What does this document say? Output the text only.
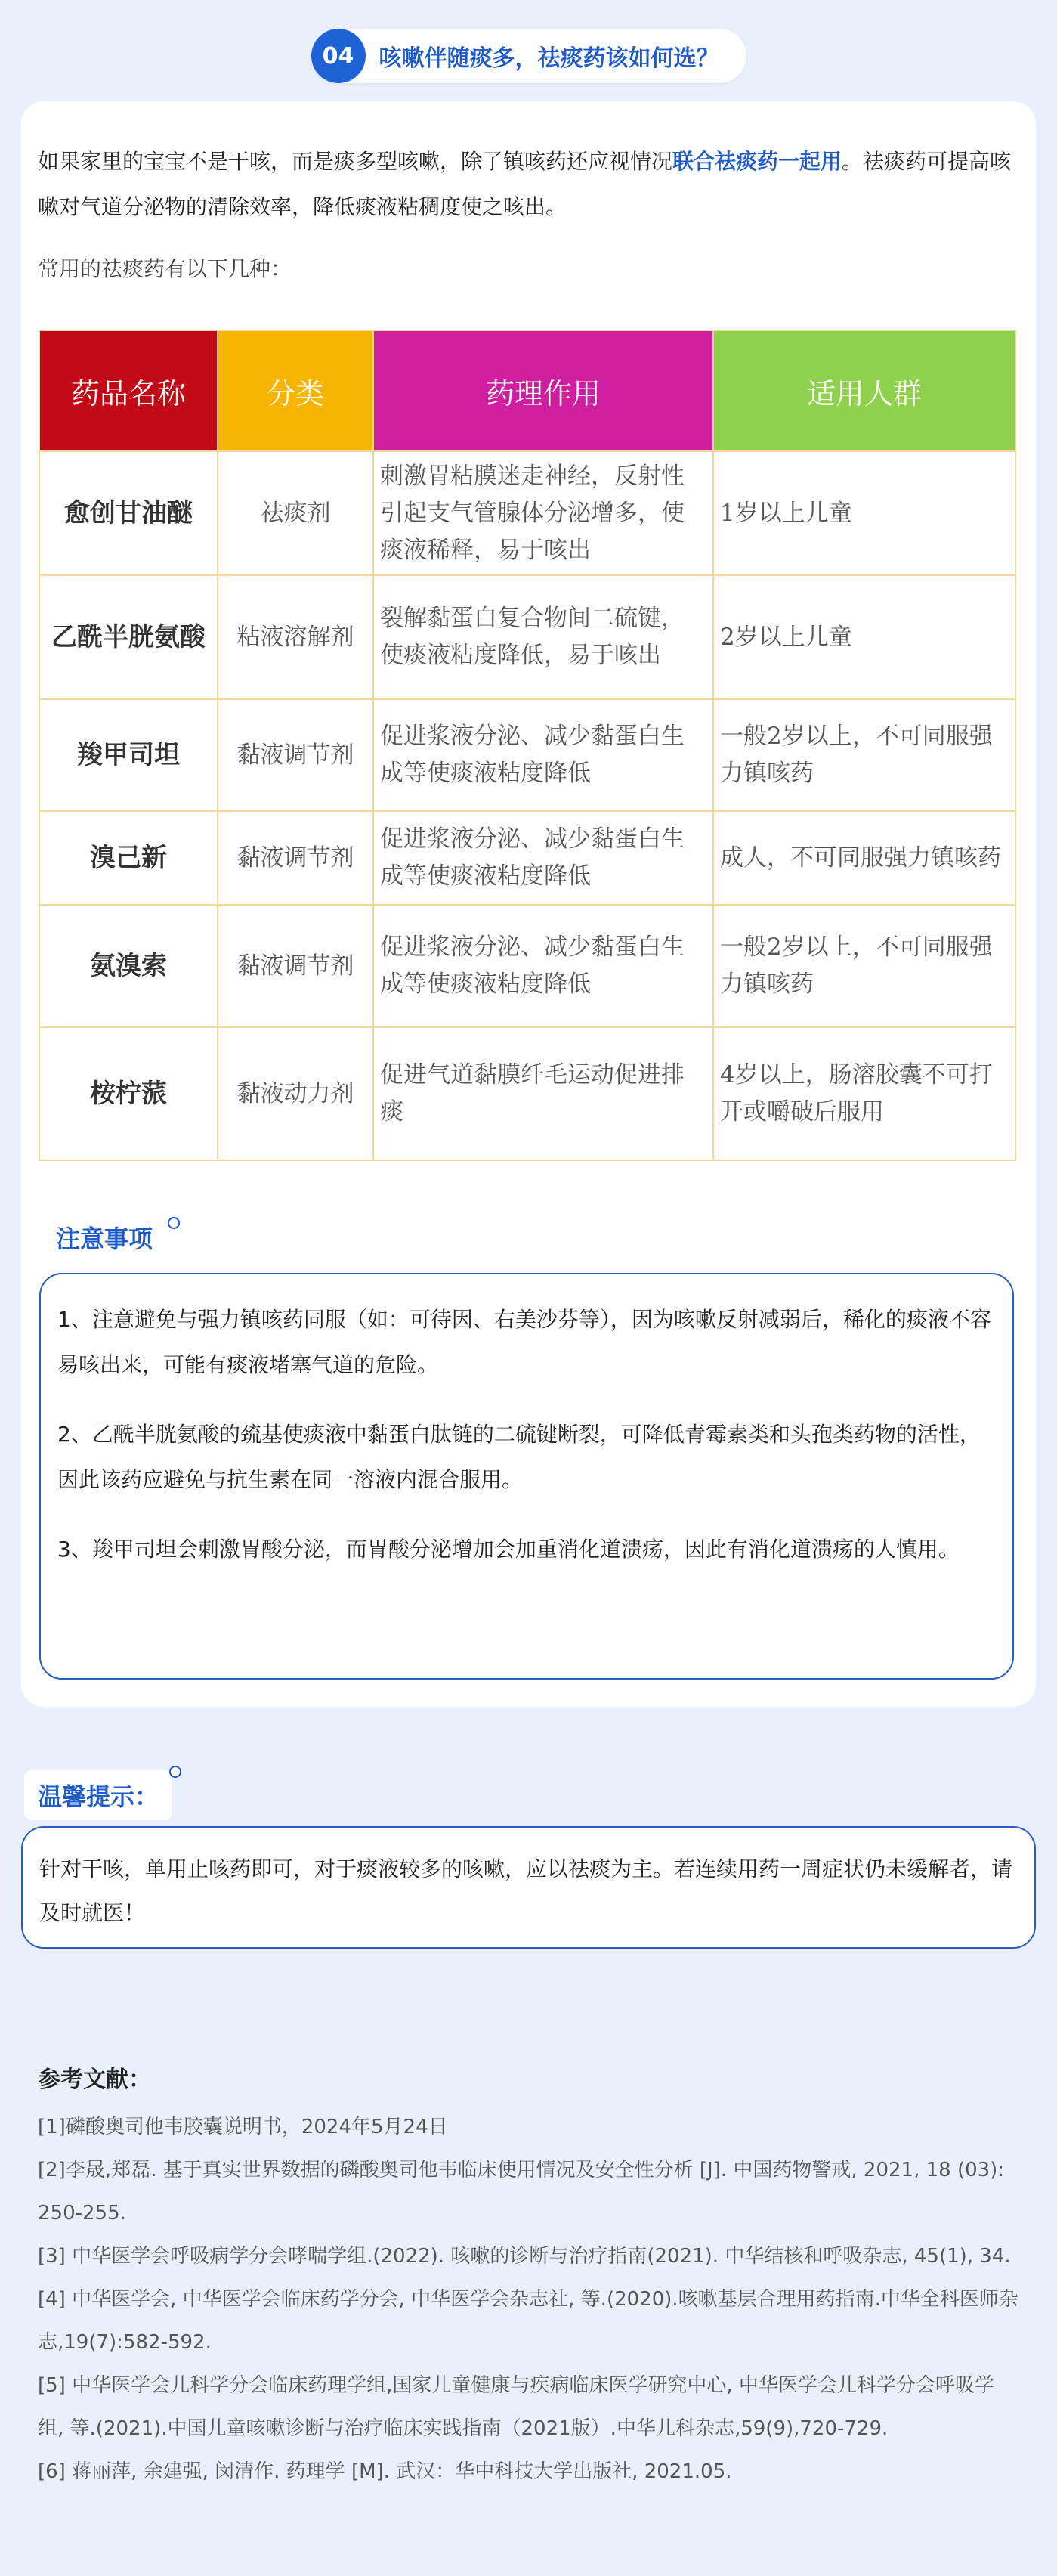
04	咳嗽伴随痰多，祛痰药该如何选？
如果家里的宝宝不是干咳，而是痰多型咳嗽，除了镇咳药还应视情况联合祛痰药一起用。祛痰药可提高咳嗽对气道分泌物的清除效率，降低痰液粘稠度使之咳出。
常用的祛痰药有以下几种：
药品名称	分类	药理作用	适用人群
愈创甘油醚	祛痰剂	刺激胃粘膜迷走神经，反射性引起支气管腺体分泌增多，使痰液稀释，易于咳出	1岁以上儿童
乙酰半胱氨酸	粘液溶解剂	裂解黏蛋白复合物间二硫键，使痰液粘度降低，易于咳出	2岁以上儿童
羧甲司坦	黏液调节剂	促进浆液分泌、减少黏蛋白生成等使痰液粘度降低	一般2岁以上，不可同服强力镇咳药
溴己新	黏液调节剂	促进浆液分泌、减少黏蛋白生成等使痰液粘度降低	成人，不可同服强力镇咳药
氨溴索	黏液调节剂	促进浆液分泌、减少黏蛋白生成等使痰液粘度降低	一般2岁以上，不可同服强力镇咳药
桉柠蒎	黏液动力剂	促进气道黏膜纤毛运动促进排痰	4岁以上，肠溶胶囊不可打开或嚼破后服用
注意事项

1、注意避免与强力镇咳药同服（如：可待因、右美沙芬等），因为咳嗽反射减弱后，稀化的痰液不容易咳出来，可能有痰液堵塞气道的危险。

2、乙酰半胱氨酸的巯基使痰液中黏蛋白肽链的二硫键断裂，可降低青霉素类和头孢类药物的活性，因此该药应避免与抗生素在同一溶液内混合服用。

3、羧甲司坦会刺激胃酸分泌，而胃酸分泌增加会加重消化道溃疡，因此有消化道溃疡的人慎用。

温馨提示：
针对干咳，单用止咳药即可，对于痰液较多的咳嗽，应以祛痰为主。若连续用药一周症状仍未缓解者，请及时就医！
参考文献：
[1]磷酸奥司他韦胶囊说明书，2024年5月24日
[2]李晟,郑磊. 基于真实世界数据的磷酸奥司他韦临床使用情况及安全性分析 [J]. 中国药物警戒, 2021, 18 (03): 250-255.
[3] 中华医学会呼吸病学分会哮喘学组.(2022). 咳嗽的诊断与治疗指南(2021). 中华结核和呼吸杂志, 45(1), 34.
[4] 中华医学会, 中华医学会临床药学分会, 中华医学会杂志社, 等.(2020).咳嗽基层合理用药指南.中华全科医师杂志,19(7):582-592.
[5] 中华医学会儿科学分会临床药理学组,国家儿童健康与疾病临床医学研究中心, 中华医学会儿科学分会呼吸学组, 等.(2021).中国儿童咳嗽诊断与治疗临床实践指南（2021版）.中华儿科杂志,59(9),720-729.
[6] 蒋丽萍, 余建强, 闵清作. 药理学 [M]. 武汉：华中科技大学出版社, 2021.05.
